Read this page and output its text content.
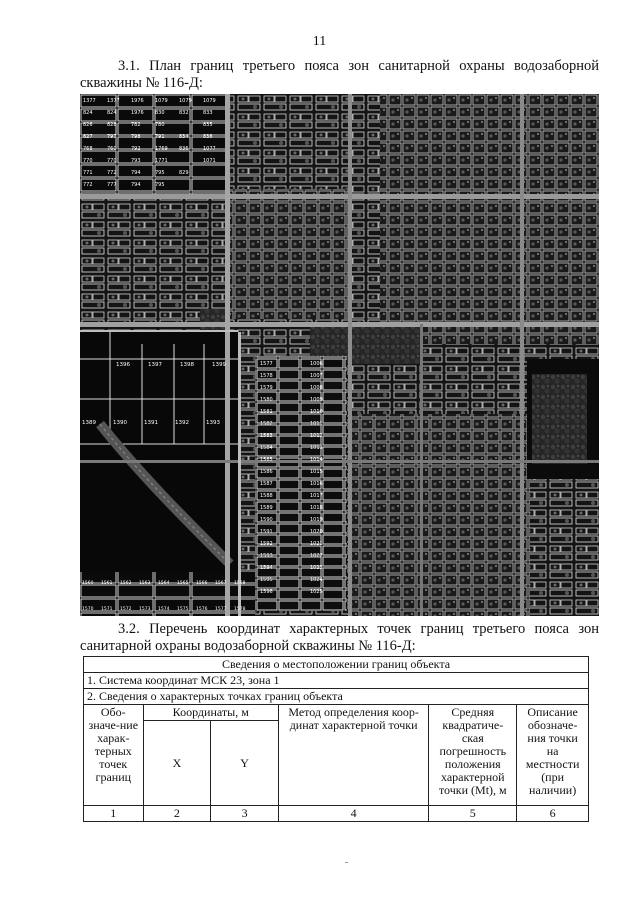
11
3.1. План границ третьего пояса зон санитарной охраны водозаборной скважины № 116-Д:
1377 1377 1976 1079 1079 1079
824	824	1976 830	832	833
826	828	782	780	835
827	797	798	791	834	836
768	760	792	1769 836	1077
770	770	793	1771	1071
771	772	794	795	829
772	777	794	795
1577
1578
1579
1580
1581
1582
1583
1584
1585
1586
1587
1588
1589
1590
1591
1592
1593
1594
1595
1596
1006
1007
1008
1009
1010
1011
1012
1013
1014
1015
1016
1017
1018
1019
1020
1021
1022
1023
1024
1025
1396	1397	1398	1399
1389	1390	1391	1392	1393
1560 1561 1562 1563 1564 1565 1566 1567 1568
1570 1571 1572 1573 1574 1575 1576 1577 1578
3.2. Перечень координат характерных точек границ третьего пояса зон санитарной охраны водозаборной скважины № 116-Д:
Сведения о местоположении границ объекта					
1. Система координат МСК 23, зона 1					
2. Сведения о характерных точках границ объекта					
Обо-значе-ние харак-терных точек границ	Координаты, м		Метод определения коор-динат характерной точки	Средняя квадратиче-ская погрешность положения характерной точки (Mt), м	Описание обозначе-ния точки на местности (при наличии)
	X	Y			
1	2	3	4	5	6
